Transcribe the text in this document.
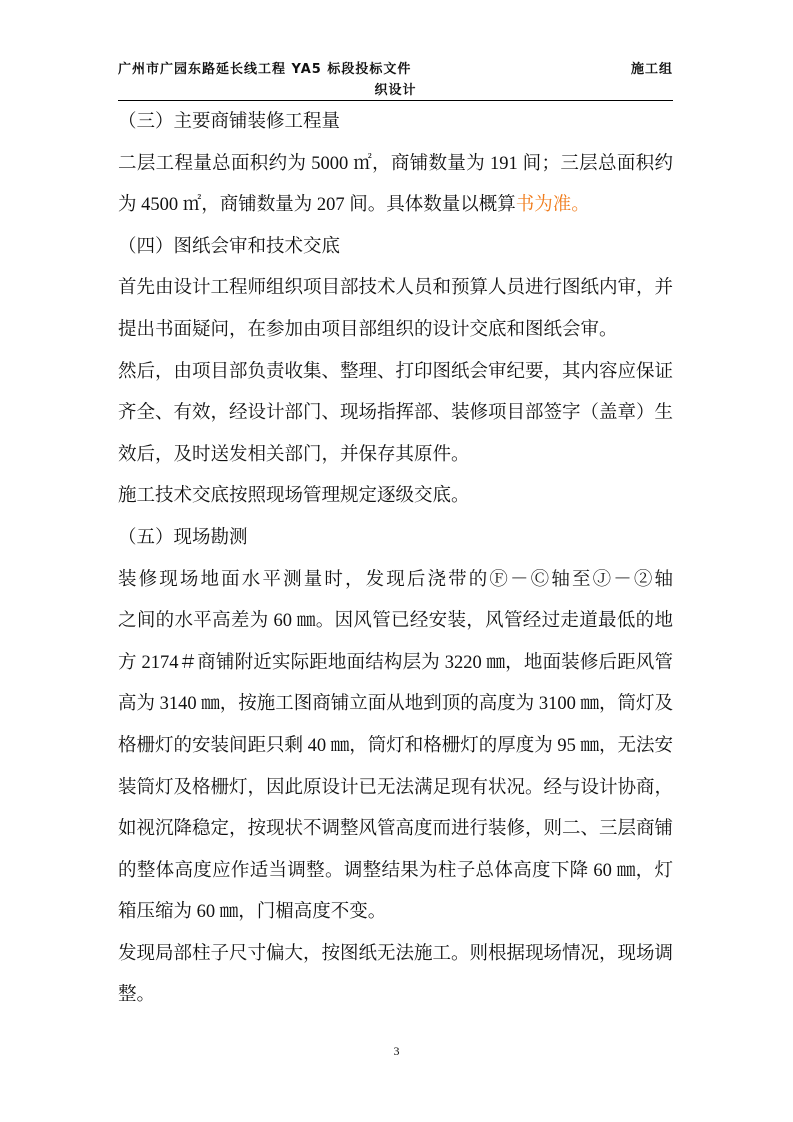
广州市广园东路延长线工程 YA5 标段投标文件	施工组
织设计
（三）主要商铺装修工程量
二层工程量总面积约为 5000 ㎡，商铺数量为 191 间；三层总面积约
为 4500 ㎡，商铺数量为 207 间。具体数量以概算书为准。
（四）图纸会审和技术交底
首先由设计工程师组织项目部技术人员和预算人员进行图纸内审，并
提出书面疑问，在参加由项目部组织的设计交底和图纸会审。
然后，由项目部负责收集、整理、打印图纸会审纪要，其内容应保证
齐全、有效，经设计部门、现场指挥部、装修项目部签字（盖章）生
效后，及时送发相关部门，并保存其原件。
施工技术交底按照现场管理规定逐级交底。
（五）现场勘测
装修现场地面水平测量时，发现后浇带的Ⓕ－Ⓒ轴至Ⓙ－②轴
之间的水平高差为 60 ㎜。因风管已经安装，风管经过走道最低的地
方 2174＃商铺附近实际距地面结构层为 3220 ㎜，地面装修后距风管
高为 3140 ㎜，按施工图商铺立面从地到顶的高度为 3100 ㎜，筒灯及
格栅灯的安装间距只剩 40 ㎜，筒灯和格栅灯的厚度为 95 ㎜，无法安
装筒灯及格栅灯，因此原设计已无法满足现有状况。经与设计协商，
如视沉降稳定，按现状不调整风管高度而进行装修，则二、三层商铺
的整体高度应作适当调整。调整结果为柱子总体高度下降 60 ㎜，灯
箱压缩为 60 ㎜，门楣高度不变。
发现局部柱子尺寸偏大，按图纸无法施工。则根据现场情况，现场调
整。
3
